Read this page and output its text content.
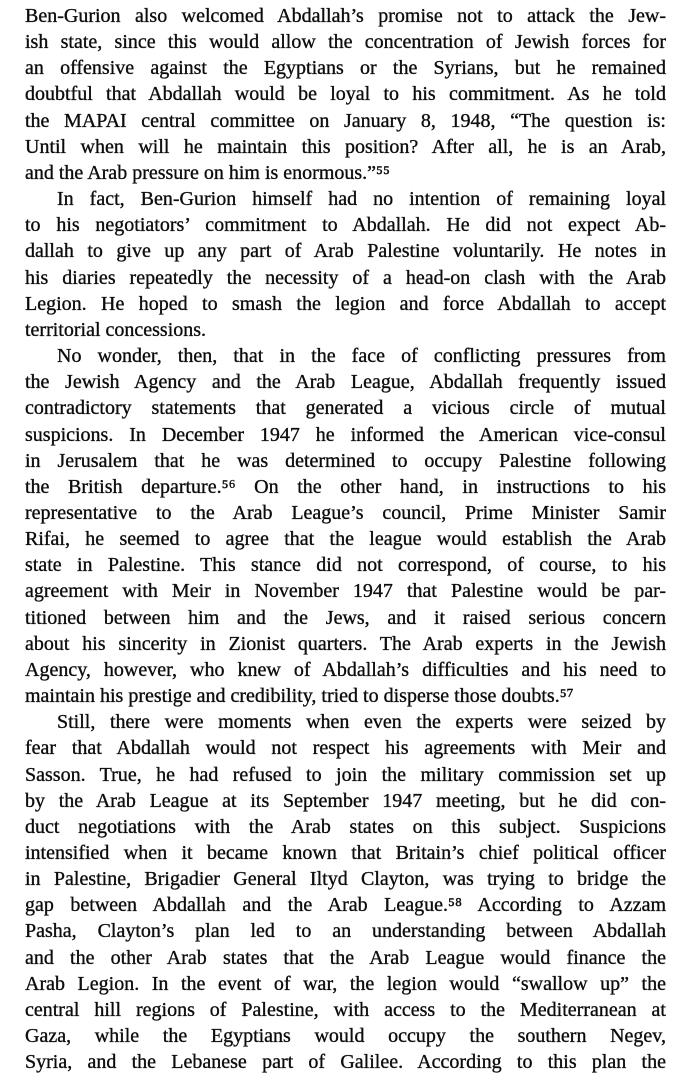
Ben-Gurion also welcomed Abdallah’s promise not to attack the Jew-
ish state, since this would allow the concentration of Jewish forces for
an offensive against the Egyptians or the Syrians, but he remained
doubtful that Abdallah would be loyal to his commitment. As he told
the MAPAI central committee on January 8, 1948, “The question is:
Until when will he maintain this position? After all, he is an Arab,
and the Arab pressure on him is enormous.”⁵⁵
In fact, Ben-Gurion himself had no intention of remaining loyal
to his negotiators’ commitment to Abdallah. He did not expect Ab-
dallah to give up any part of Arab Palestine voluntarily. He notes in
his diaries repeatedly the necessity of a head-on clash with the Arab
Legion. He hoped to smash the legion and force Abdallah to accept
territorial concessions.
No wonder, then, that in the face of conflicting pressures from
the Jewish Agency and the Arab League, Abdallah frequently issued
contradictory statements that generated a vicious circle of mutual
suspicions. In December 1947 he informed the American vice-consul
in Jerusalem that he was determined to occupy Palestine following
the British departure.⁵⁶ On the other hand, in instructions to his
representative to the Arab League’s council, Prime Minister Samir
Rifai, he seemed to agree that the league would establish the Arab
state in Palestine. This stance did not correspond, of course, to his
agreement with Meir in November 1947 that Palestine would be par-
titioned between him and the Jews, and it raised serious concern
about his sincerity in Zionist quarters. The Arab experts in the Jewish
Agency, however, who knew of Abdallah’s difficulties and his need to
maintain his prestige and credibility, tried to disperse those doubts.⁵⁷
Still, there were moments when even the experts were seized by
fear that Abdallah would not respect his agreements with Meir and
Sasson. True, he had refused to join the military commission set up
by the Arab League at its September 1947 meeting, but he did con-
duct negotiations with the Arab states on this subject. Suspicions
intensified when it became known that Britain’s chief political officer
in Palestine, Brigadier General Iltyd Clayton, was trying to bridge the
gap between Abdallah and the Arab League.⁵⁸ According to Azzam
Pasha, Clayton’s plan led to an understanding between Abdallah
and the other Arab states that the Arab League would finance the
Arab Legion. In the event of war, the legion would “swallow up” the
central hill regions of Palestine, with access to the Mediterranean at
Gaza, while the Egyptians would occupy the southern Negev,
Syria, and the Lebanese part of Galilee. According to this plan the
